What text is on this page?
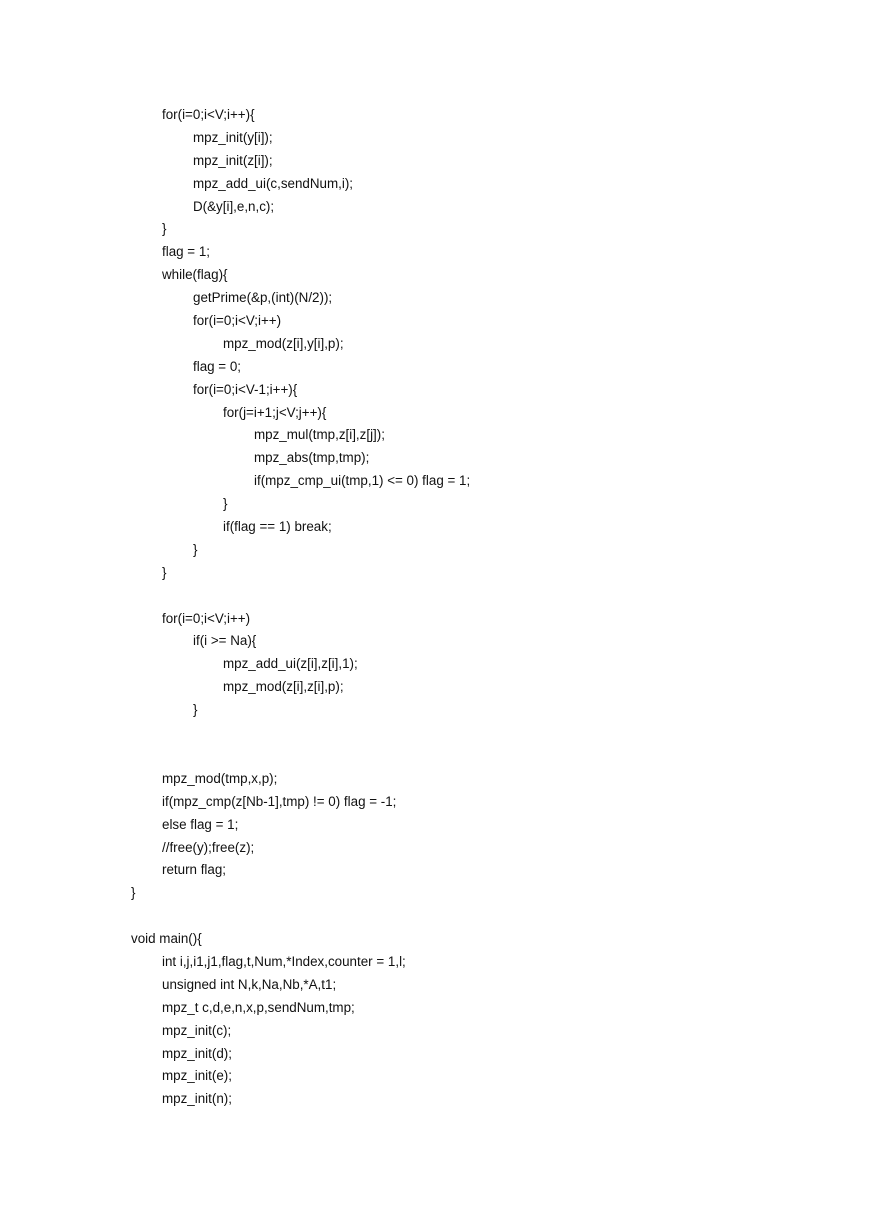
for(i=0;i<V;i++){
mpz_init(y[i]);
mpz_init(z[i]);
mpz_add_ui(c,sendNum,i);
D(&y[i],e,n,c);
}
flag = 1;
while(flag){
getPrime(&p,(int)(N/2));
for(i=0;i<V;i++)
mpz_mod(z[i],y[i],p);
flag = 0;
for(i=0;i<V-1;i++){
for(j=i+1;j<V;j++){
mpz_mul(tmp,z[i],z[j]);
mpz_abs(tmp,tmp);
if(mpz_cmp_ui(tmp,1) <= 0) flag = 1;
}
if(flag == 1) break;
}
}
for(i=0;i<V;i++)
if(i >= Na){
mpz_add_ui(z[i],z[i],1);
mpz_mod(z[i],z[i],p);
}
mpz_mod(tmp,x,p);
if(mpz_cmp(z[Nb-1],tmp) != 0) flag = -1;
else flag = 1;
//free(y);free(z);
return flag;
}
void main(){
int i,j,i1,j1,flag,t,Num,*Index,counter = 1,l;
unsigned int N,k,Na,Nb,*A,t1;
mpz_t c,d,e,n,x,p,sendNum,tmp;
mpz_init(c);
mpz_init(d);
mpz_init(e);
mpz_init(n);
